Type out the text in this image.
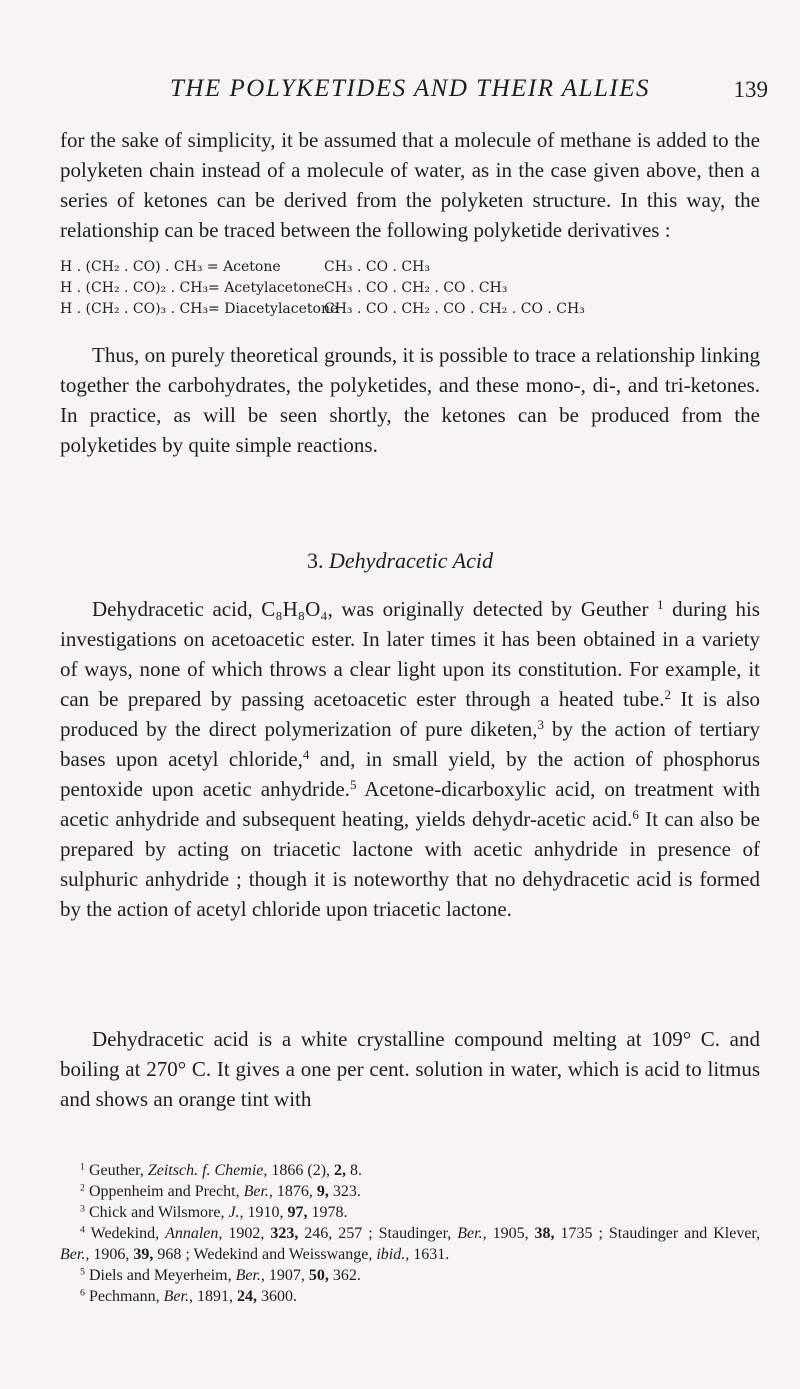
THE POLYKETIDES AND THEIR ALLIES	139

for the sake of simplicity, it be assumed that a molecule of methane is added to the polyketen chain instead of a molecule of water, as in the case given above, then a series of ketones can be derived from the polyketen structure. In this way, the relationship can be traced between the following polyketide derivatives :

H . (CH₂ . CO) . CH₃ = Acetone	CH₃ . CO . CH₃
H . (CH₂ . CO)₂ . CH₃= Acetylacetone CH₃ . CO . CH₂ . CO . CH₃
H . (CH₂ . CO)₃ . CH₃= Diacetylacetone
CH₃ . CO . CH₂ . CO . CH₂ . CO . CH₃

Thus, on purely theoretical grounds, it is possible to trace a relationship linking together the carbohydrates, the polyketides, and these mono-, di-, and tri-ketones. In practice, as will be seen shortly, the ketones can be produced from the polyketides by quite simple reactions.

3. Dehydracetic Acid

Dehydracetic acid, C₈H₈O₄, was originally detected by Geuther $^1$ during his investigations on acetoacetic ester. In later times it has been obtained in a variety of ways, none of which throws a clear light upon its constitution. For example, it can be prepared by passing acetoacetic ester through a heated tube.$^2$ It is also produced by the direct polymerization of pure diketen,$^3$ by the action of tertiary bases upon acetyl chloride,$^4$ and, in small yield, by the action of phosphorus pentoxide upon acetic anhydride.$^5$ Acetone-dicarboxylic acid, on treatment with acetic anhydride and subsequent heating, yields dehydr-acetic acid.$^6$ It can also be prepared by acting on triacetic lactone with acetic anhydride in presence of sulphuric anhydride ; though it is noteworthy that no dehydracetic acid is formed by the action of acetyl chloride upon triacetic lactone.

Dehydracetic acid is a white crystalline compound melting at 109° C. and boiling at 270° C. It gives a one per cent. solution in water, which is acid to litmus and shows an orange tint with

$^1$ Geuther, Zeitsch. f. Chemie, 1866 (2), 2, 8.

$^2$ Oppenheim and Precht, Ber., 1876, 9, 323.

$^3$ Chick and Wilsmore, J., 1910, 97, 1978.

$^4$ Wedekind, Annalen, 1902, 323, 246, 257 ; Staudinger, Ber., 1905, 38, 1735 ; Staudinger and Klever, Ber., 1906, 39, 968 ; Wedekind and Weisswange, ibid., 1631.

$^5$ Diels and Meyerheim, Ber., 1907, 50, 362.

$^6$ Pechmann, Ber., 1891, 24, 3600.
